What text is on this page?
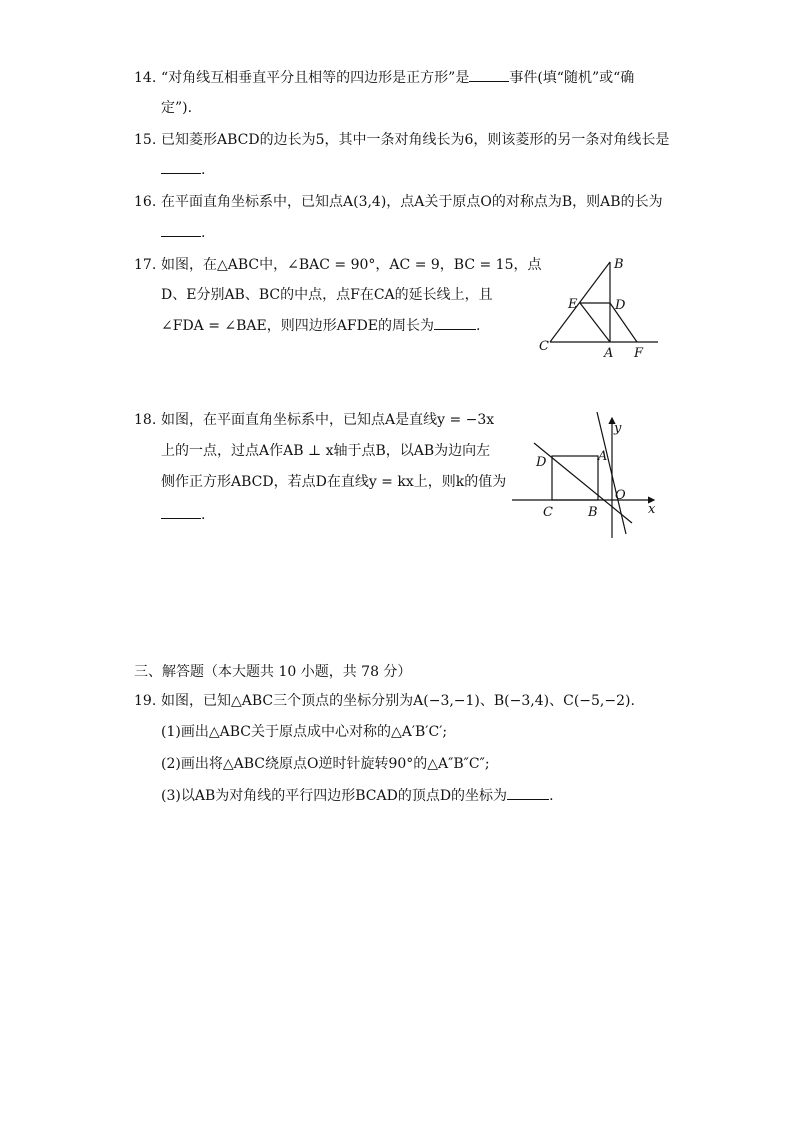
14. “对角线互相垂直平分且相等的四边形是正方形”是	事件(填“随机”或“确
定”).
15. 已知菱形ABCD的边长为5，其中一条对角线长为6，则该菱形的另一条对角线长是
.
16. 在平面直角坐标系中，已知点A(3,4)，点A关于原点O的对称点为B，则AB的长为
.
17. 如图，在△ABC中，∠BAC = 90°，AC = 9，BC = 15，点
D、E分别AB、BC的中点，点F在CA的延长线上，且
∠FDA = ∠BAE，则四边形AFDE的周长为	.
B
E	D
C	A F
18. 如图，在平面直角坐标系中，已知点A是直线y = −3x
上的一点，过点A作AB ⊥ x轴于点B，以AB为边向左
侧作正方形ABCD，若点D在直线y = kx上，则k的值为
.
y
D	A
O
C	B	x
三、解答题（本大题共 10 小题，共 78 分）
19. 如图，已知△ABC三个顶点的坐标分别为A(−3,−1)、B(−3,4)、C(−5,−2).
(1)画出△ABC关于原点成中心对称的△A′B′C′;
(2)画出将△ABC绕原点O逆时针旋转90°的△A″B″C″;
(3)以AB为对角线的平行四边形BCAD的顶点D的坐标为	.
